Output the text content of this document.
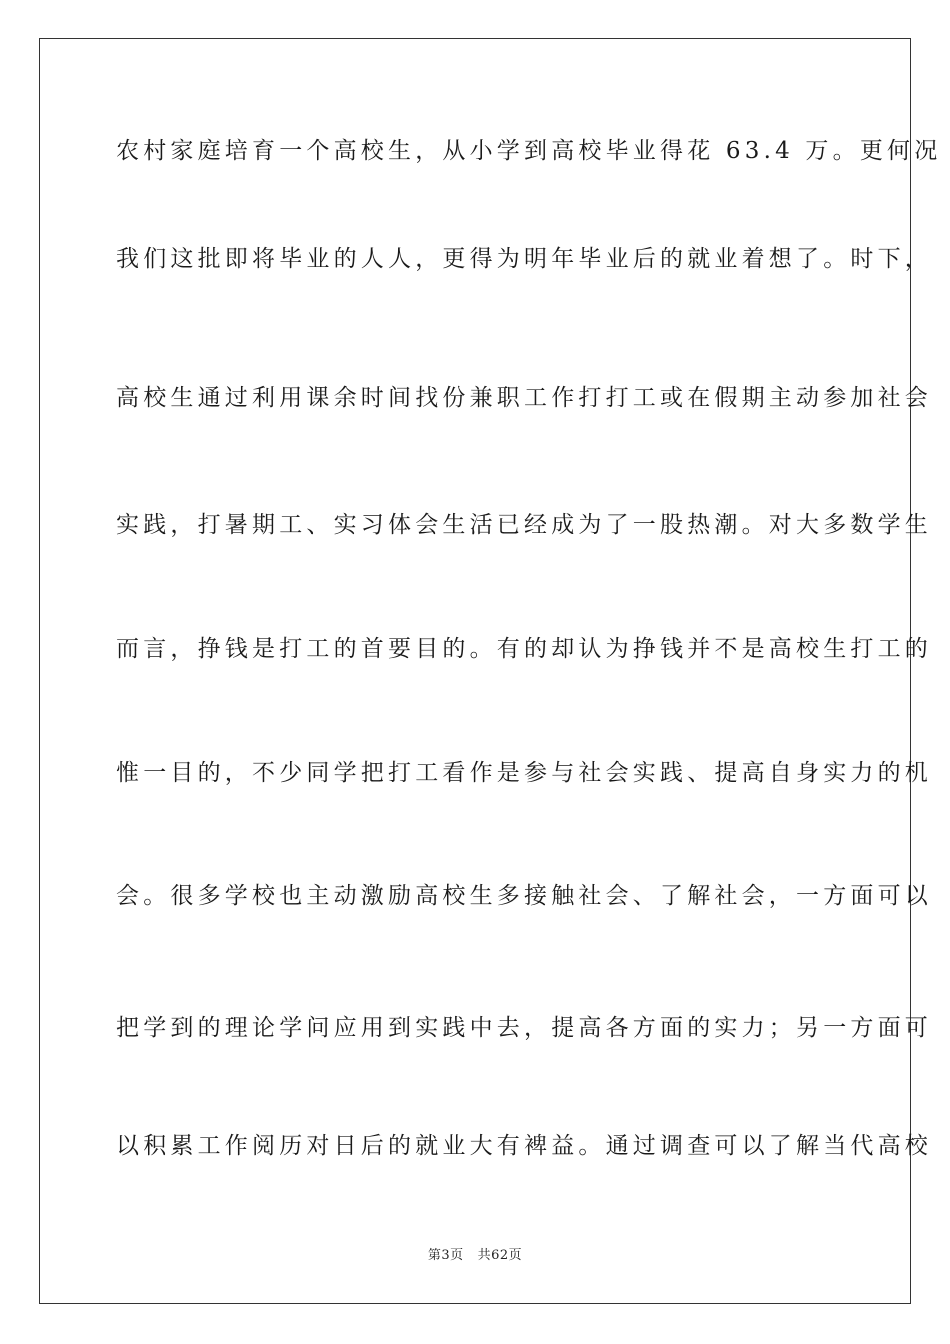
农村家庭培育一个高校生，从小学到高校毕业得花 63.4 万。更何况
我们这批即将毕业的人人，更得为明年毕业后的就业着想了。时下，
高校生通过利用课余时间找份兼职工作打打工或在假期主动参加社会
实践，打暑期工、实习体会生活已经成为了一股热潮。对大多数学生
而言，挣钱是打工的首要目的。有的却认为挣钱并不是高校生打工的
惟一目的，不少同学把打工看作是参与社会实践、提高自身实力的机
会。很多学校也主动激励高校生多接触社会、了解社会，一方面可以
把学到的理论学问应用到实践中去，提高各方面的实力；另一方面可
以积累工作阅历对日后的就业大有裨益。通过调查可以了解当代高校
第3页 共62页
